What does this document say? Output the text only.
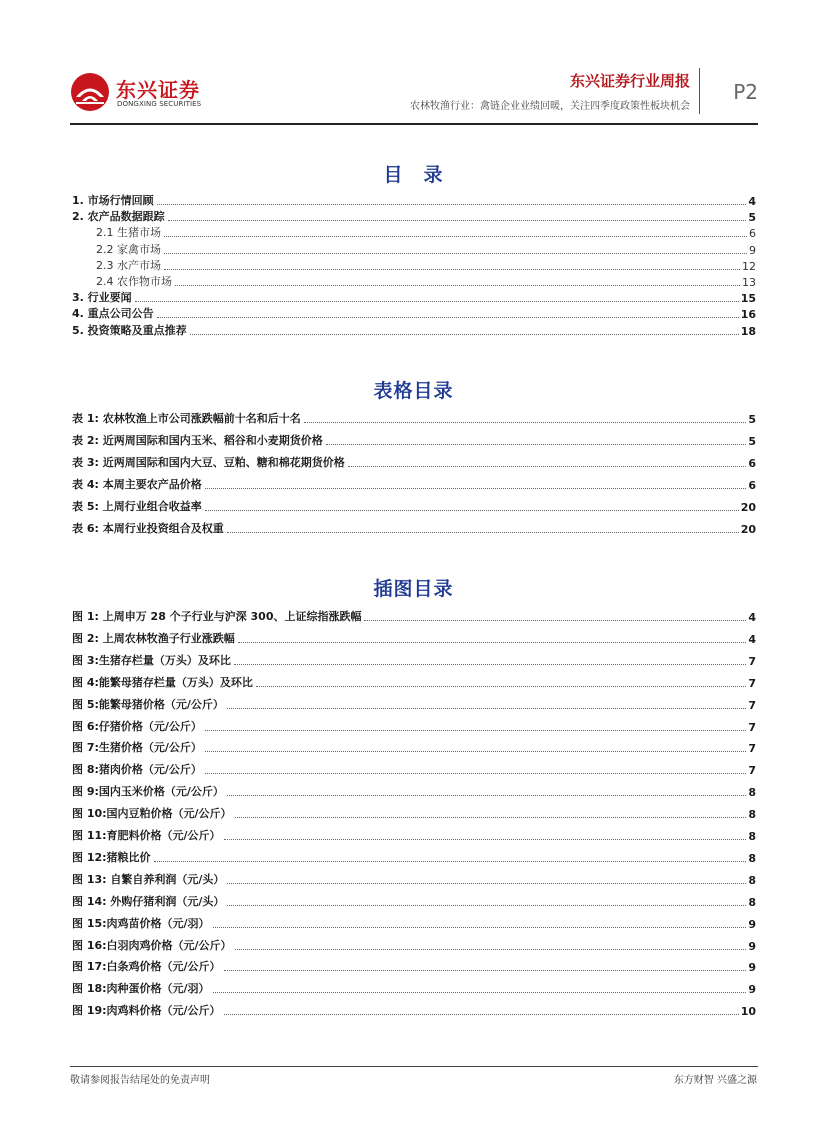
东兴证券
DONGXING SECURITIES
东兴证券行业周报
农林牧渔行业：禽链企业业绩回暖，关注四季度政策性板块机会
P2
目　录
1. 市场行情回顾	4
2. 农产品数据跟踪	5
2.1 生猪市场	6
2.2 家禽市场	9
2.3 水产市场	12
2.4 农作物市场	13
3. 行业要闻	15
4. 重点公司公告	16
5. 投资策略及重点推荐	18
表格目录
表 1: 农林牧渔上市公司涨跌幅前十名和后十名	5
表 2: 近两周国际和国内玉米、稻谷和小麦期货价格	5
表 3: 近两周国际和国内大豆、豆粕、糖和棉花期货价格	6
表 4: 本周主要农产品价格	6
表 5: 上周行业组合收益率	20
表 6: 本周行业投资组合及权重	20
插图目录
图 1: 上周申万 28 个子行业与沪深 300、上证综指涨跌幅	4
图 2: 上周农林牧渔子行业涨跌幅	4
图 3:生猪存栏量（万头）及环比	7
图 4:能繁母猪存栏量（万头）及环比	7
图 5:能繁母猪价格（元/公斤）	7
图 6:仔猪价格（元/公斤）	7
图 7:生猪价格（元/公斤）	7
图 8:猪肉价格（元/公斤）	7
图 9:国内玉米价格（元/公斤）	8
图 10:国内豆粕价格（元/公斤）	8
图 11:育肥料价格（元/公斤）	8
图 12:猪粮比价	8
图 13: 自繁自养利润（元/头）	8
图 14: 外购仔猪利润（元/头）	8
图 15:肉鸡苗价格（元/羽）	9
图 16:白羽肉鸡价格（元/公斤）	9
图 17:白条鸡价格（元/公斤）	9
图 18:肉种蛋价格（元/羽）	9
图 19:肉鸡料价格（元/公斤）	10
敬请参阅报告结尾处的免责声明	东方财智 兴盛之源
